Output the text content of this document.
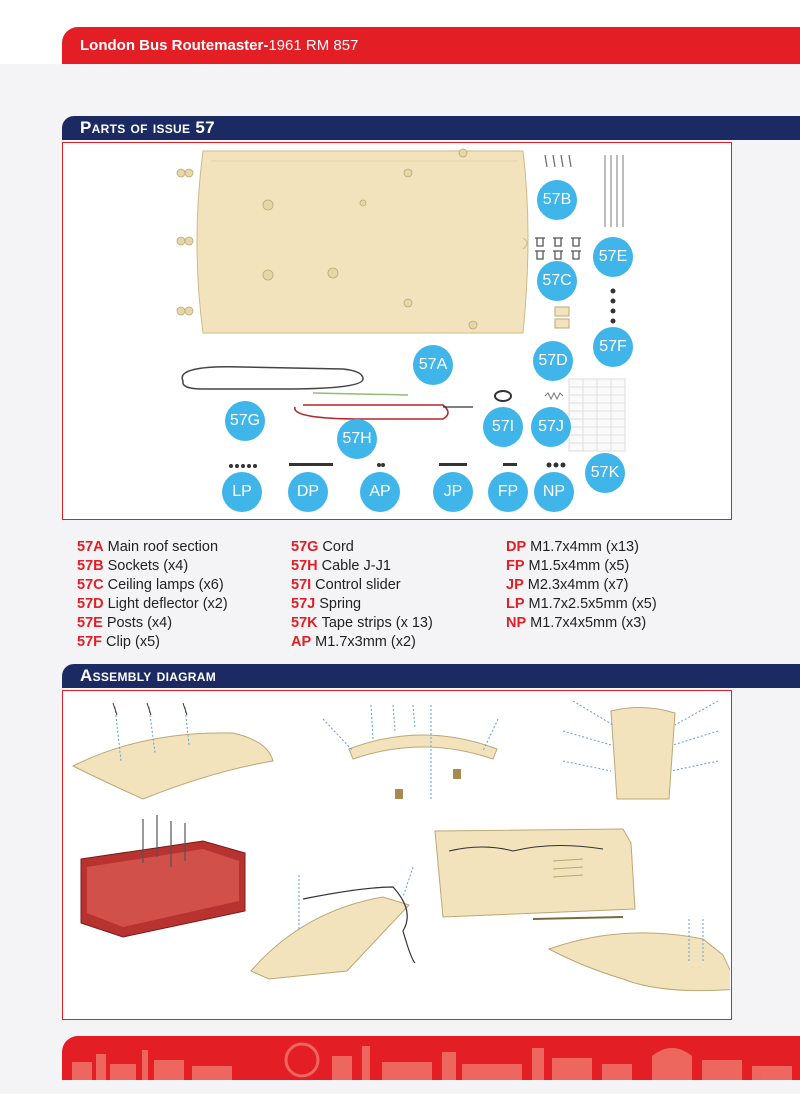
London Bus Routemaster- 1961 RM 857
Parts of issue 57
57B
57E
57C
57F
57A	57D
57G
57H
57I	57J
57K
LP	DP	AP	JP	FP	NP
57A Main roof section
57B Sockets (x4)
57C Ceiling lamps (x6)
57D Light deflector (x2)
57E Posts (x4)
57F Clip (x5)
57G Cord
57H Cable J-J1
57I Control slider
57J Spring
57K Tape strips (x 13)
AP M1.7x3mm (x2)
DP M1.7x4mm (x13)
FP M1.5x4mm (x5)
JP M2.3x4mm (x7)
LP M1.7x2.5x5mm (x5)
NP M1.7x4x5mm (x3)
Assembly diagram
